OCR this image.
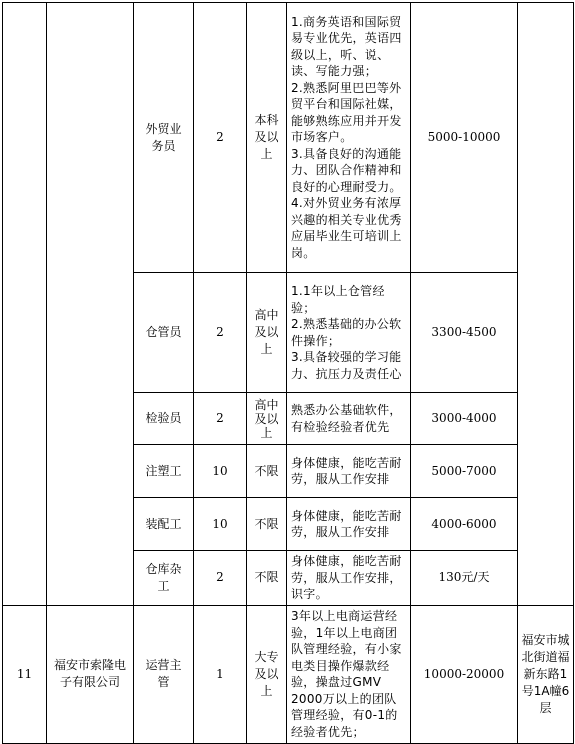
		外贸业
务员	2	本科
及以
上	1.商务英语和国际贸易专业优先，英语四级以上，听、说、读、写能力强；
2.熟悉阿里巴巴等外贸平台和国际社媒，能够熟练应用并开发市场客户。
3.具备良好的沟通能力、团队合作精神和良好的心理耐受力。
4.对外贸业务有浓厚兴趣的相关专业优秀应届毕业生可培训上岗。	5000-10000	
		仓管员	2	高中
及以
上	1.1年以上仓管经验；
2.熟悉基础的办公软件操作；
3.具备较强的学习能力、抗压力及责任心	3300-4500	
		检验员	2	高中
及以
上	熟悉办公基础软件，有检验经验者优先	3000-4000	
		注塑工	10	不限	身体健康，能吃苦耐劳，服从工作安排	5000-7000	
		装配工	10	不限	身体健康，能吃苦耐劳，服从工作安排	4000-6000	
		仓库杂
工	2	不限	身体健康，能吃苦耐劳，服从工作安排，识字。	130元/天	
11	福安市索隆电子有限公司	运营主
管	1	大专
及以
上	3年以上电商运营经验，1年以上电商团队管理经验，有小家电类目操作爆款经验，操盘过GMV 2000万以上的团队管理经验，有0-1的经验者优先；	10000-20000	福安市城北街道福新东路1号1A幢6层
